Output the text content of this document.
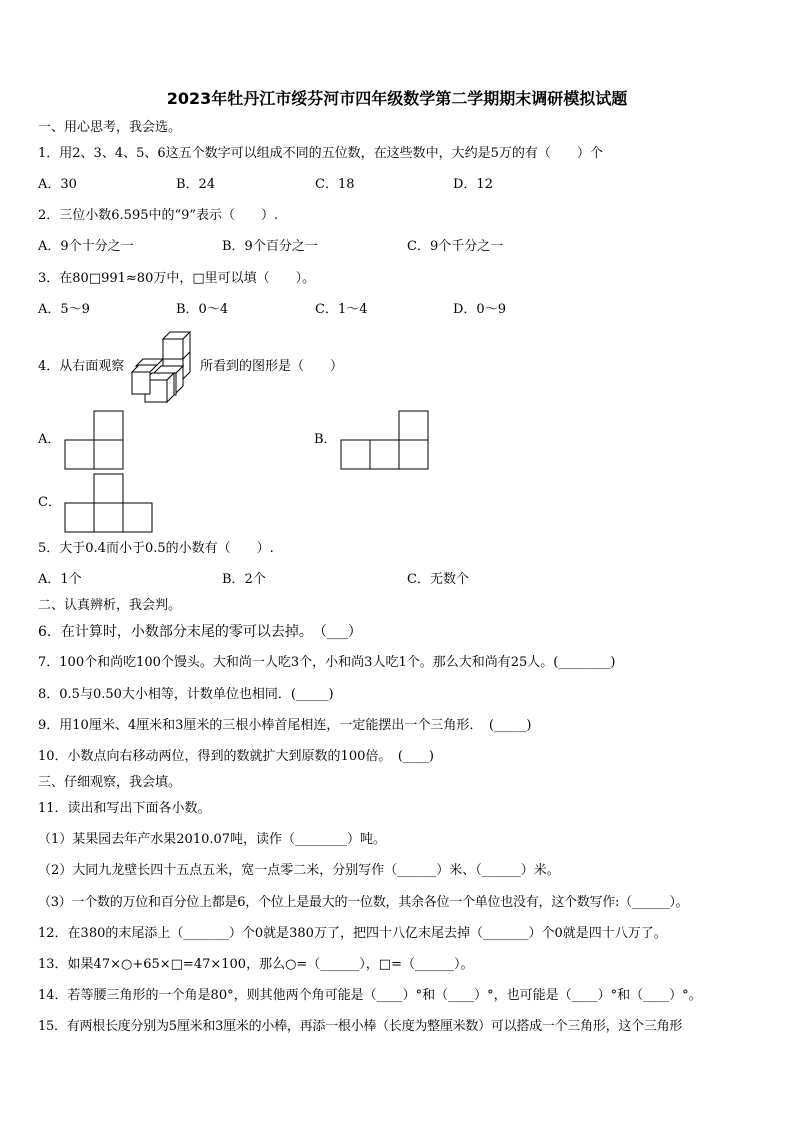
2023年牡丹江市绥芬河市四年级数学第二学期期末调研模拟试题
一、用心思考，我会选。
1．用2、3、4、5、6这五个数字可以组成不同的五位数，在这些数中，大约是5万的有（　　）个
A．30	B．24	C．18	D．12
2．三位小数6.595中的“9”表示（　　）.
A．9个十分之一	B．9个百分之一	C．9个千分之一
3．在80□991≈80万中，□里可以填（　　）。
A．5～9	B．0～4	C．1～4	D．0～9
4．从右面观察	所看到的图形是（　　）
A．	B．
C．
5．大于0.4而小于0.5的小数有（　　）.
A．1个	B．2个	C．无数个
二、认真辨析，我会判。
6．在计算时，小数部分末尾的零可以去掉。　（___）
7．100个和尚吃100个馒头。大和尚一人吃3个，小和尚3人吃1个。那么大和尚有25人。(________)
8．0.5与0.50大小相等，计数单位也相同．(_____)
9．用10厘米、4厘米和3厘米的三根小棒首尾相连，一定能摆出一个三角形．　(_____)
10．小数点向右移动两位，得到的数就扩大到原数的100倍。　(____)
三、仔细观察，我会填。
11．读出和写出下面各小数。
（1）某果园去年产水果2010.07吨，读作（________）吨。
（2）大同九龙壁长四十五点五米，宽一点零二米，分别写作（______）米、（______）米。
（3）一个数的万位和百分位上都是6，个位上是最大的一位数，其余各位一个单位也没有，这个数写作:（______）。
12．在380的末尾添上（_______）个0就是380万了，把四十八亿末尾去掉（_______）个0就是四十八万了。
13．如果47×○+65×□=47×100，那么○=（______），□=（______）。
14．若等腰三角形的一个角是80°，则其他两个角可能是（____）°和（____）°，也可能是（____）°和（____）°。
15．有两根长度分别为5厘米和3厘米的小棒，再添一根小棒（长度为整厘米数）可以搭成一个三角形，这个三角形
